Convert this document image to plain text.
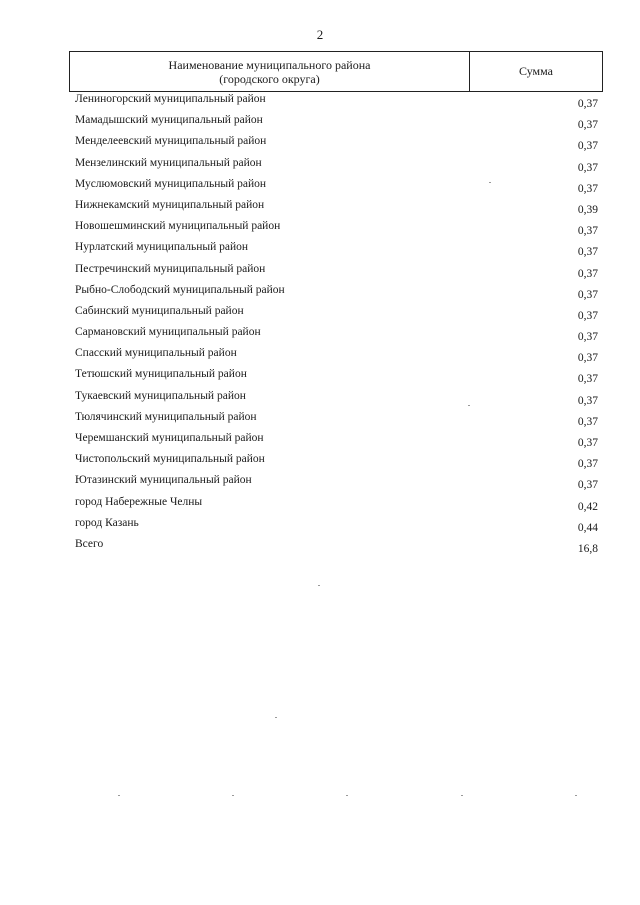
2
Наименование муниципального района
(городского округа)
Сумма
Лениногорский муниципальный район	0,37
Мамадышский муниципальный район	0,37
Менделеевский муниципальный район	0,37
Мензелинский муниципальный район	0,37
Муслюмовский муниципальный район	0,37
Нижнекамский муниципальный район	0,39
Новошешминский муниципальный район	0,37
Нурлатский муниципальный район	0,37
Пестречинский муниципальный район	0,37
Рыбно-Слободский муниципальный район	0,37
Сабинский муниципальный район	0,37
Сармановский муниципальный район	0,37
Спасский муниципальный район	0,37
Тетюшский муниципальный район	0,37
Тукаевский муниципальный район	0,37
Тюлячинский муниципальный район	0,37
Черемшанский муниципальный район	0,37
Чистопольский муниципальный район	0,37
Ютазинский муниципальный район	0,37
город Набережные Челны	0,42
город Казань	0,44
Всего	16,8
